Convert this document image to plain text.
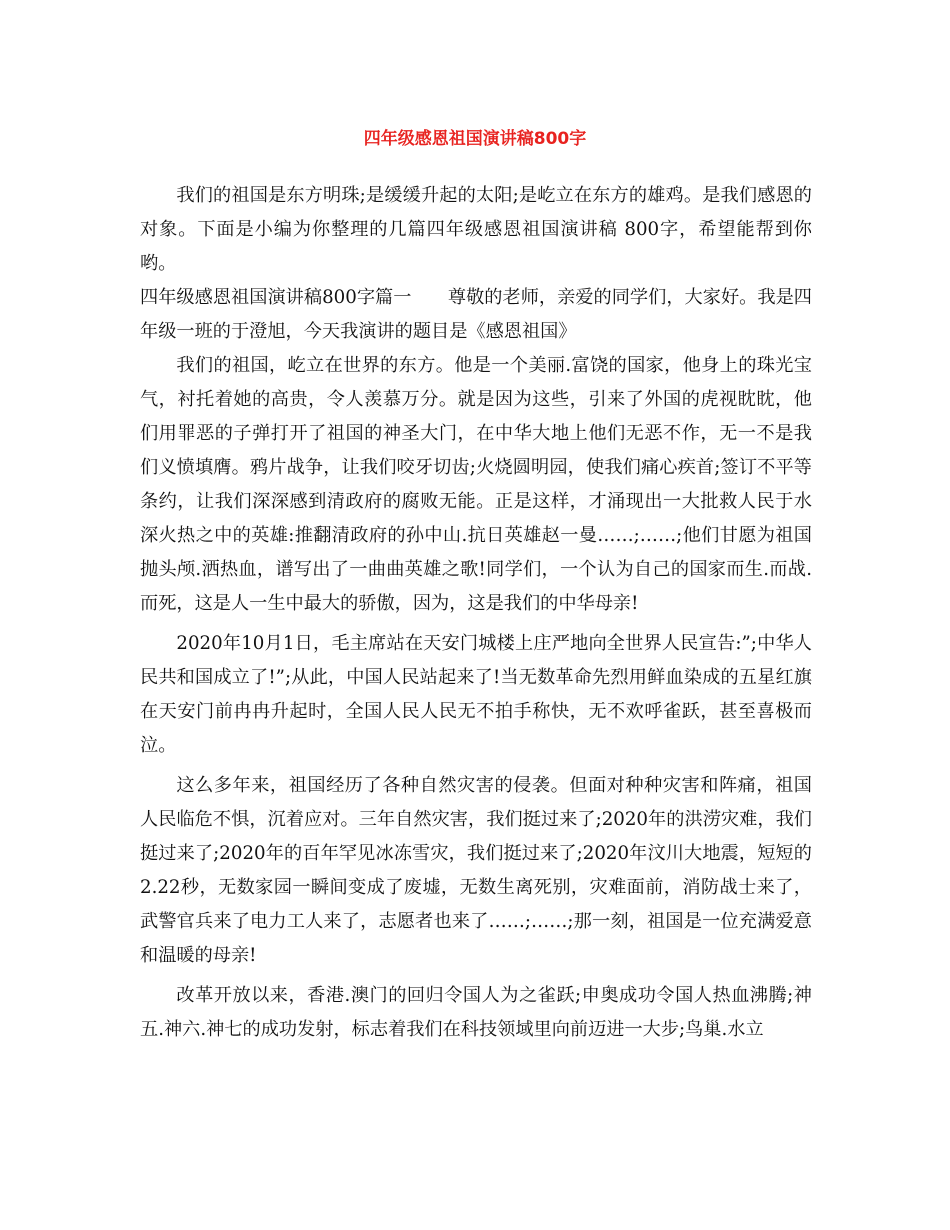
四年级感恩祖国演讲稿800字

我们的祖国是东方明珠;是缓缓升起的太阳;是屹立在东方的雄鸡。是我们感恩的对象。下面是小编为你整理的几篇四年级感恩祖国演讲稿 800字，希望能帮到你哟。

四年级感恩祖国演讲稿800字篇一　　尊敬的老师，亲爱的同学们，大家好。我是四年级一班的于澄旭，今天我演讲的题目是《感恩祖国》

我们的祖国，屹立在世界的东方。他是一个美丽.富饶的国家，他身上的珠光宝气，衬托着她的高贵，令人羡慕万分。就是因为这些，引来了外国的虎视眈眈，他们用罪恶的子弹打开了祖国的神圣大门，在中华大地上他们无恶不作，无一不是我们义愤填膺。鸦片战争，让我们咬牙切齿;火烧圆明园，使我们痛心疾首;签订不平等条约，让我们深深感到清政府的腐败无能。正是这样，才涌现出一大批救人民于水深火热之中的英雄:推翻清政府的孙中山.抗日英雄赵一曼……;……;他们甘愿为祖国抛头颅.洒热血，谱写出了一曲曲英雄之歌!同学们，一个认为自己的国家而生.而战.而死，这是人一生中最大的骄傲，因为，这是我们的中华母亲!

2020年10月1日，毛主席站在天安门城楼上庄严地向全世界人民宣告:”;中华人民共和国成立了!”;从此，中国人民站起来了!当无数革命先烈用鲜血染成的五星红旗在天安门前冉冉升起时，全国人民人民无不拍手称快，无不欢呼雀跃，甚至喜极而泣。

这么多年来，祖国经历了各种自然灾害的侵袭。但面对种种灾害和阵痛，祖国人民临危不惧，沉着应对。三年自然灾害，我们挺过来了;2020年的洪涝灾难，我们挺过来了;2020年的百年罕见冰冻雪灾，我们挺过来了;2020年汶川大地震，短短的2.22秒，无数家园一瞬间变成了废墟，无数生离死别，灾难面前，消防战士来了，武警官兵来了电力工人来了，志愿者也来了……;……;那一刻，祖国是一位充满爱意和温暖的母亲!

改革开放以来，香港.澳门的回归令国人为之雀跃;申奥成功令国人热血沸腾;神五.神六.神七的成功发射，标志着我们在科技领域里向前迈进一大步;鸟巢.水立
